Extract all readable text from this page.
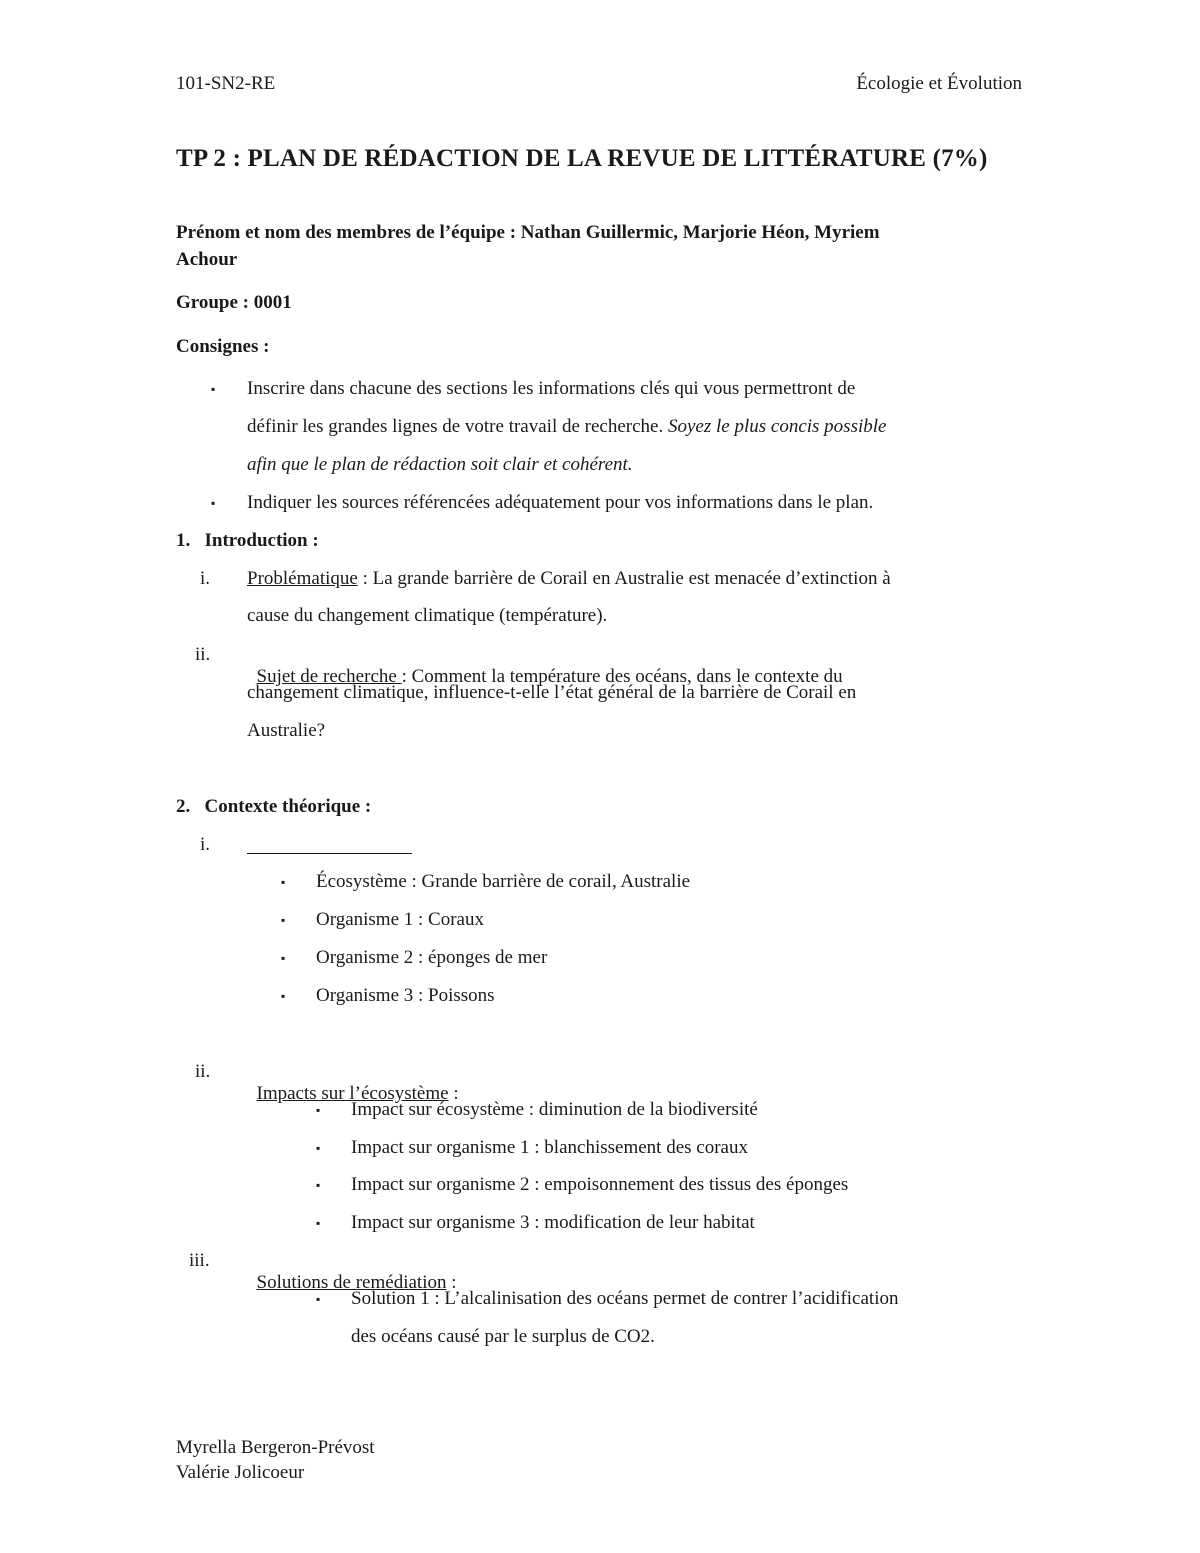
101-SN2-RE	Écologie et Évolution
TP 2 : PLAN DE RÉDACTION DE LA REVUE DE LITTÉRATURE (7%)
Prénom et nom des membres de l’équipe : Nathan Guillermic, Marjorie Héon, Myriem
Achour
Groupe : 0001
Consignes :
▪ Inscrire dans chacune des sections les informations clés qui vous permettront de
définir les grandes lignes de votre travail de recherche. Soyez le plus concis possible
afin que le plan de rédaction soit clair et cohérent.
▪ Indiquer les sources référencées adéquatement pour vos informations dans le plan.
1.   Introduction :
i. Problématique : La grande barrière de Corail en Australie est menacée d’extinction à
cause du changement climatique (température).
ii.

Sujet de recherche : Comment la température des océans, dans le contexte du

changement climatique, influence-t-elle l’état général de la barrière de Corail en
Australie?
2.   Contexte théorique :
i.
▪ Écosystème : Grande barrière de corail, Australie
▪ Organisme 1 : Coraux
▪ Organisme 2 : éponges de mer
▪ Organisme 3 : Poissons
ii.

Impacts sur l’écosystème :

▪ Impact sur écosystème : diminution de la biodiversité
▪ Impact sur organisme 1 : blanchissement des coraux
▪ Impact sur organisme 2 : empoisonnement des tissus des éponges
▪ Impact sur organisme 3 : modification de leur habitat
iii.

Solutions de remédiation :

▪ Solution 1 : L’alcalinisation des océans permet de contrer l’acidification
des océans causé par le surplus de CO2.
Myrella Bergeron-Prévost
Valérie Jolicoeur
